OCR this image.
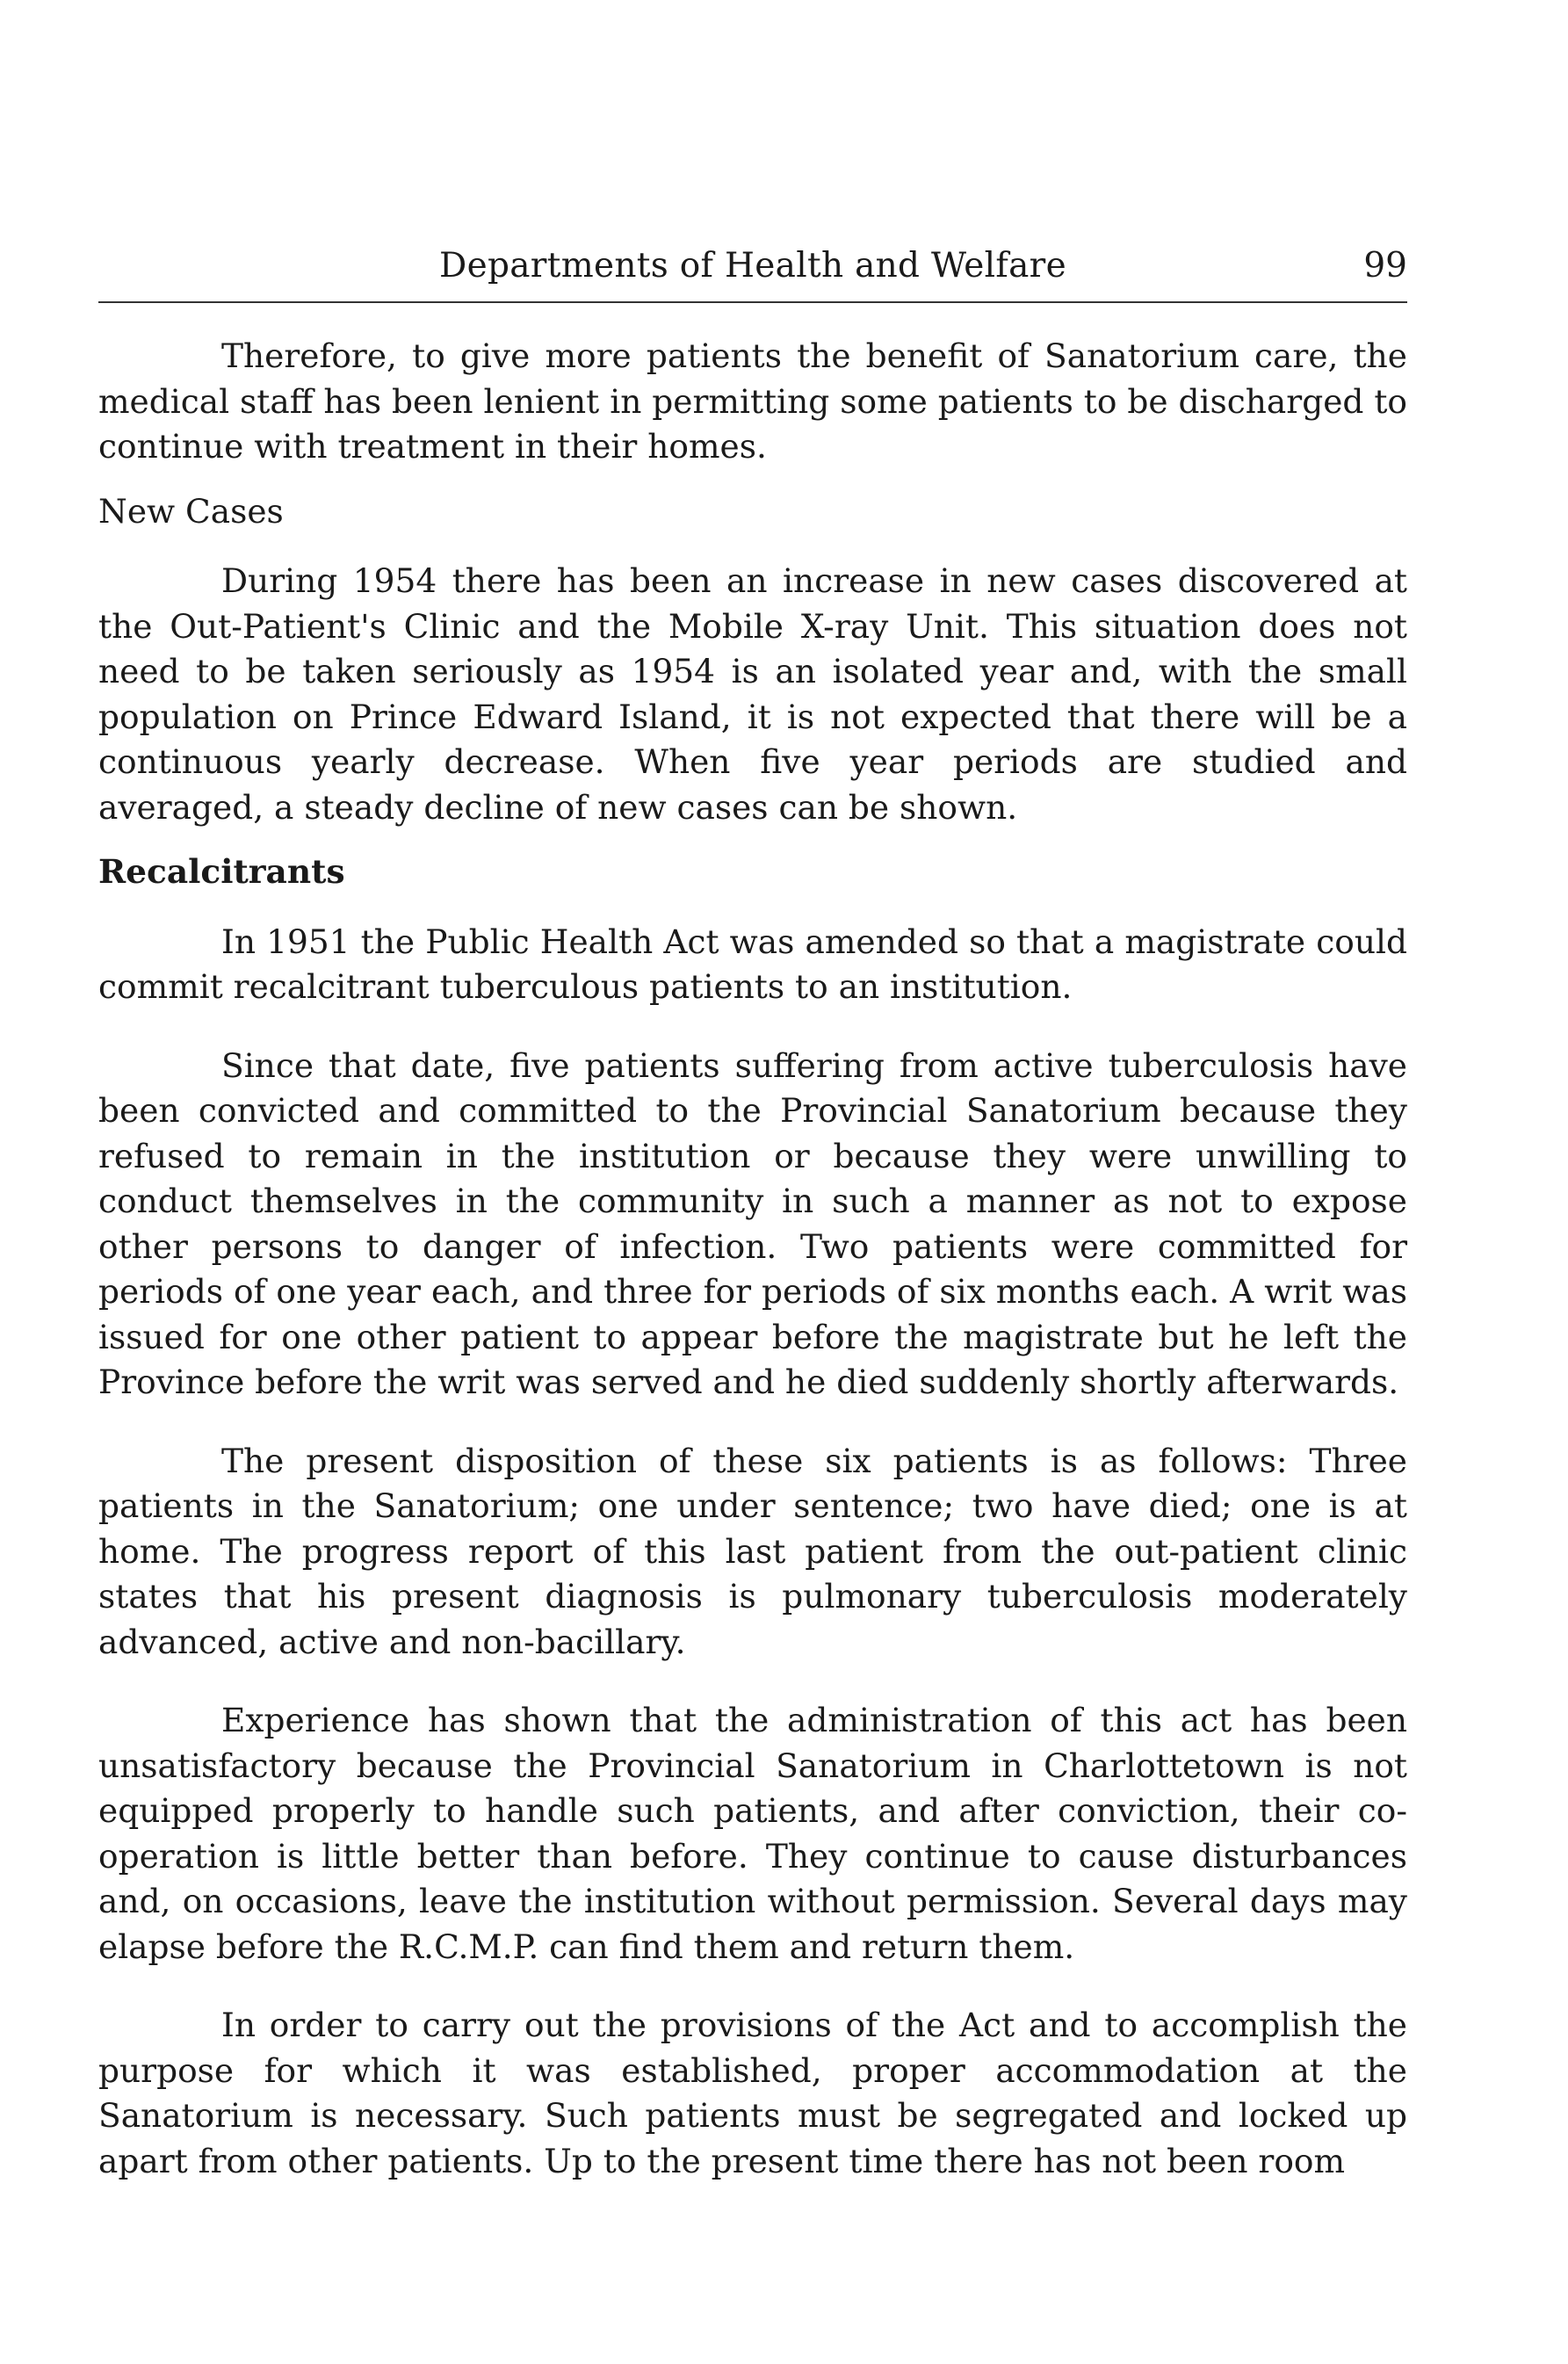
Departments of Health and Welfare	99

Therefore, to give more patients the benefit of Sanatorium care, the medical staff has been lenient in permitting some patients to be discharged to continue with treatment in their homes.

New Cases

During 1954 there has been an increase in new cases discovered at the Out-Patient's Clinic and the Mobile X-ray Unit. This situation does not need to be taken seriously as 1954 is an isolated year and, with the small population on Prince Edward Island, it is not expected that there will be a continuous yearly decrease. When five year periods are studied and averaged, a steady decline of new cases can be shown.

Recalcitrants

In 1951 the Public Health Act was amended so that a magistrate could commit recalcitrant tuberculous patients to an institution.

Since that date, five patients suffering from active tuberculosis have been convicted and committed to the Provincial Sanatorium because they refused to remain in the institution or because they were unwilling to conduct themselves in the community in such a manner as not to expose other persons to danger of infection. Two patients were committed for periods of one year each, and three for periods of six months each. A writ was issued for one other patient to appear before the magistrate but he left the Province before the writ was served and he died suddenly shortly afterwards.

The present disposition of these six patients is as follows: Three patients in the Sanatorium; one under sentence; two have died; one is at home. The progress report of this last patient from the out-patient clinic states that his present diagnosis is pulmonary tuberculosis moderately advanced, active and non-bacillary.

Experience has shown that the administration of this act has been unsatisfactory because the Provincial Sanatorium in Charlottetown is not equipped properly to handle such patients, and after conviction, their co-operation is little better than before. They continue to cause disturbances and, on occasions, leave the institution without permission. Several days may elapse before the R.C.M.P. can find them and return them.

In order to carry out the provisions of the Act and to accomplish the purpose for which it was established, proper accommodation at the Sanatorium is necessary. Such patients must be segregated and locked up apart from other patients. Up to the present time there has not been room
